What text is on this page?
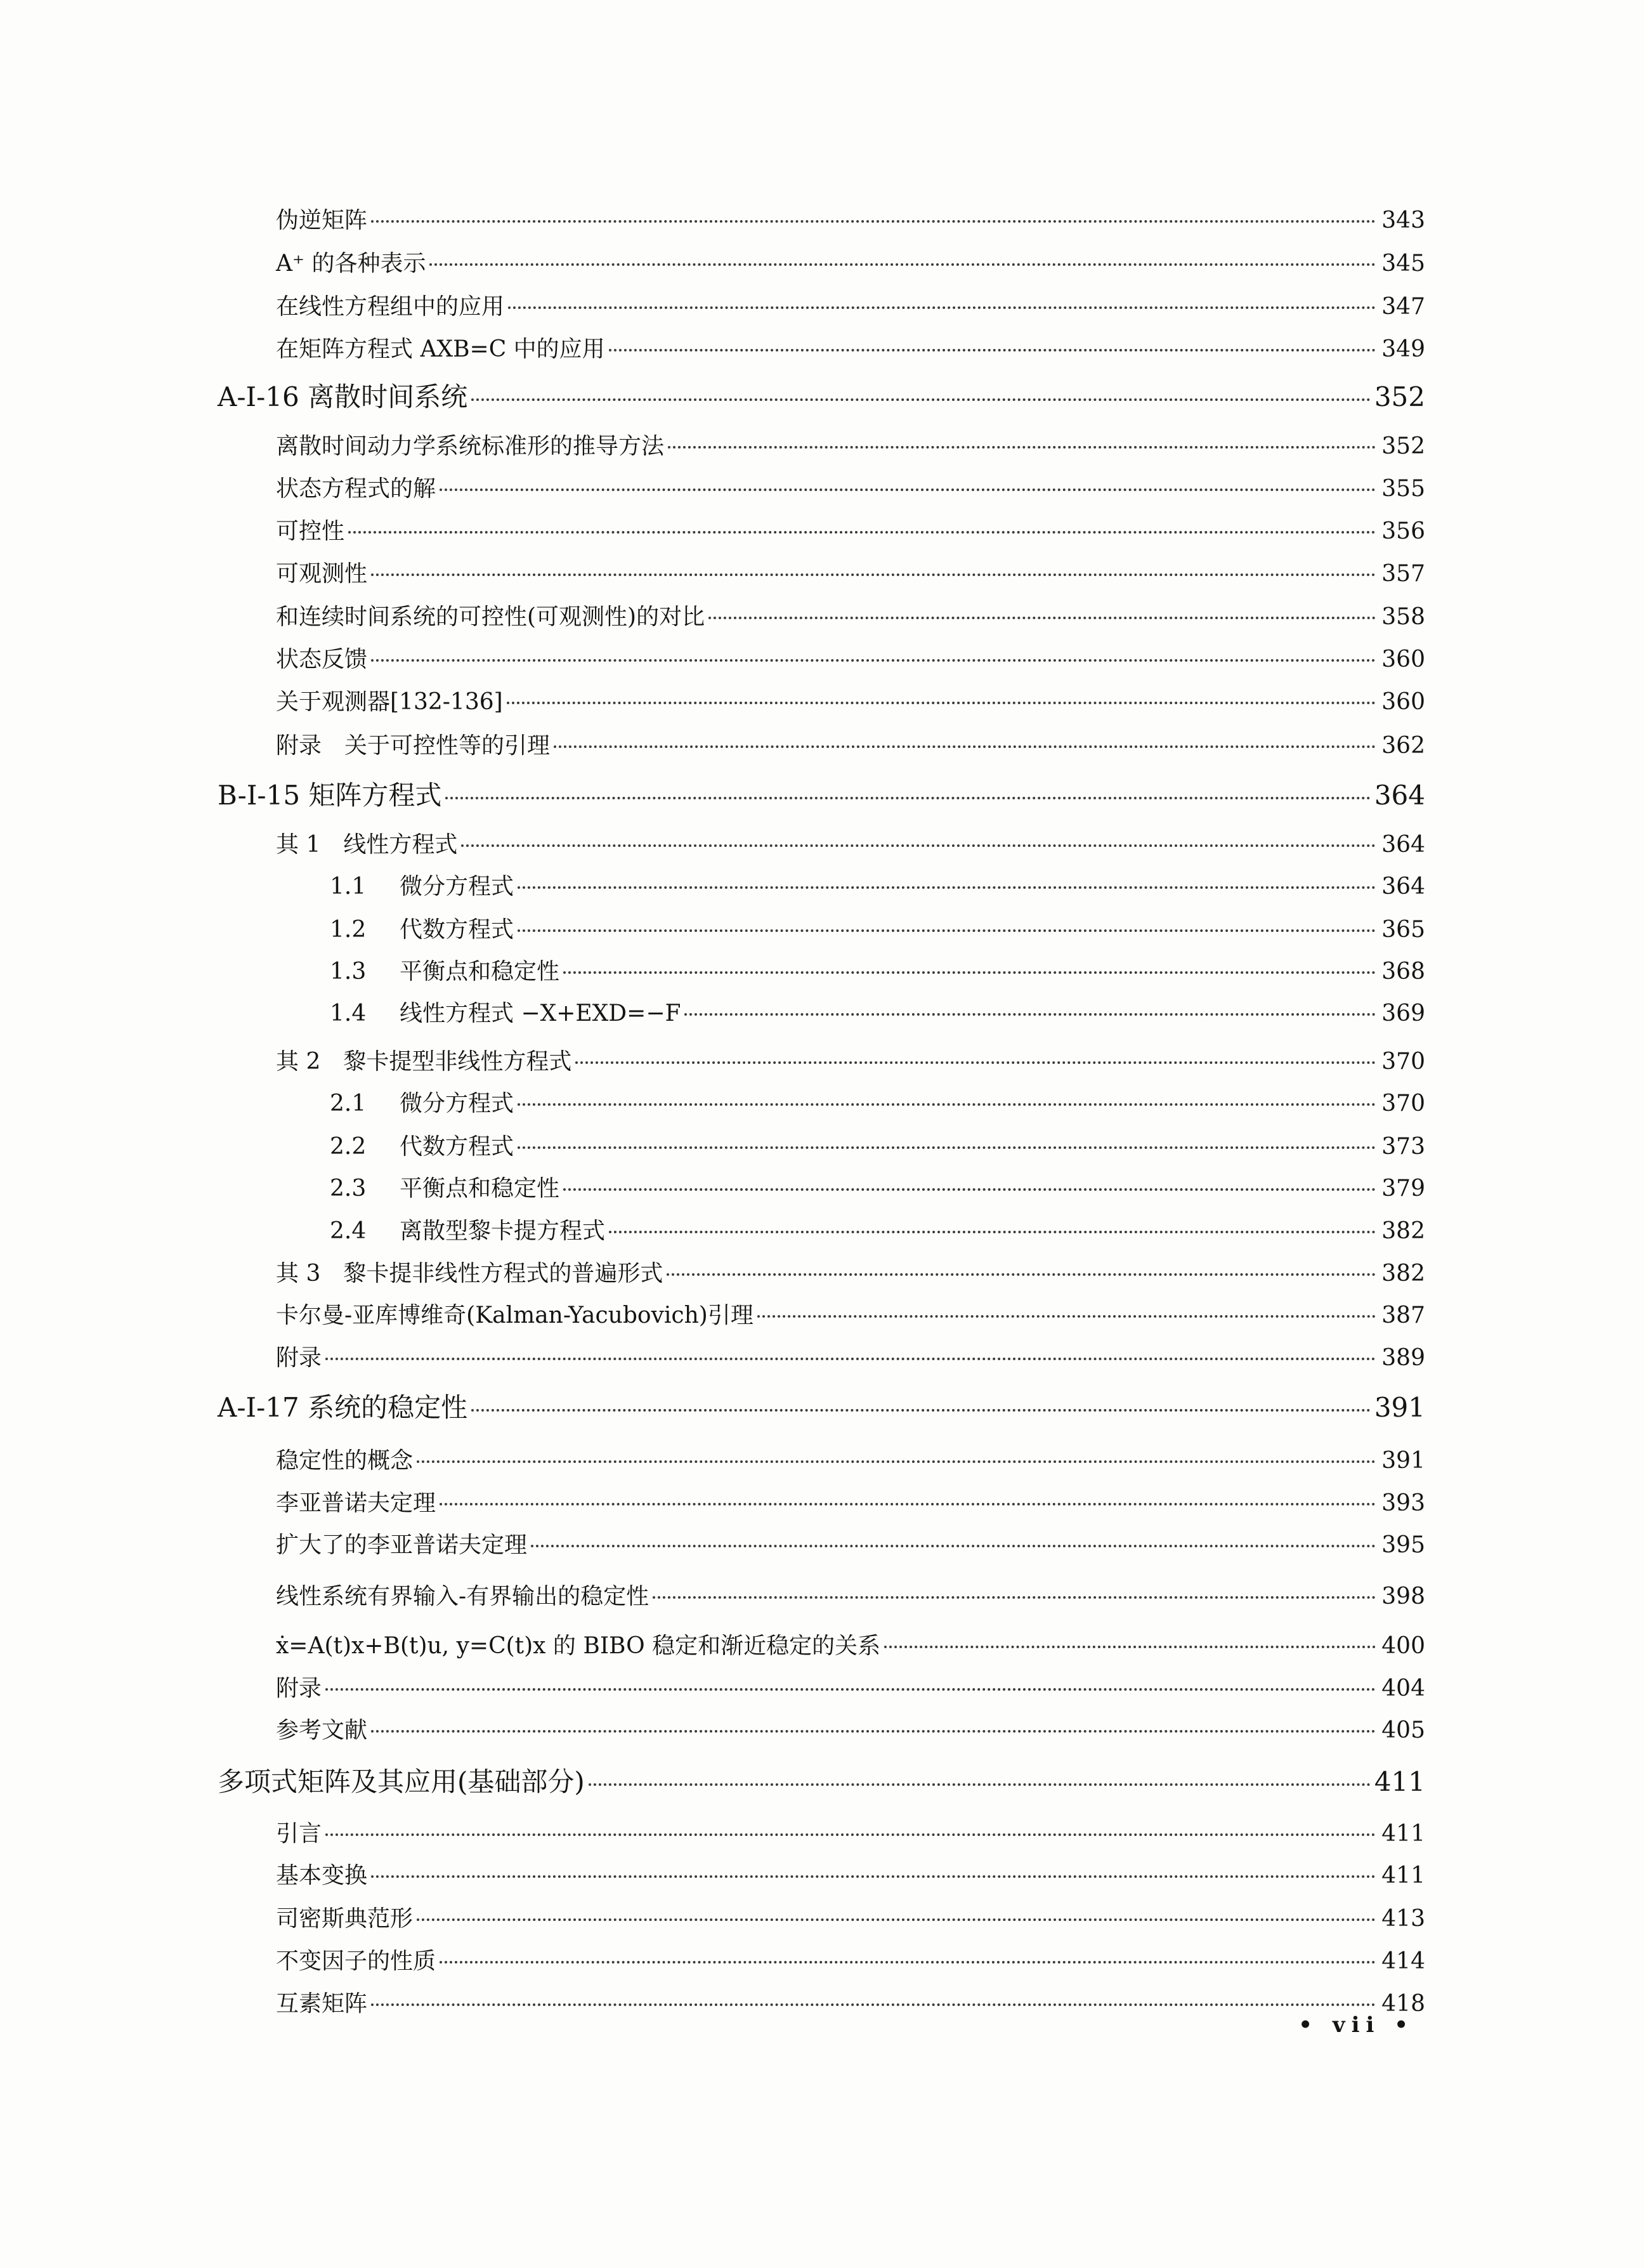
伪逆矩阵	343
A⁺ 的各种表示	345
在线性方程组中的应用	347
在矩阵方程式 AXB=C 中的应用	349
A-I-16 离散时间系统	352
离散时间动力学系统标准形的推导方法	352
状态方程式的解	355
可控性	356
可观测性	357
和连续时间系统的可控性(可观测性)的对比	358
状态反馈	360
关于观测器[132-136]	360
附录　关于可控性等的引理	362
B-I-15 矩阵方程式	364
其 1　线性方程式	364
1.1 微分方程式	364
1.2 代数方程式	365
1.3 平衡点和稳定性	368
1.4 线性方程式 −X+EXD=−F	369
其 2　黎卡提型非线性方程式	370
2.1 微分方程式	370
2.2 代数方程式	373
2.3 平衡点和稳定性	379
2.4 离散型黎卡提方程式	382
其 3　黎卡提非线性方程式的普遍形式	382
卡尔曼-亚库博维奇(Kalman-Yacubovich)引理	387
附录	389
A-I-17 系统的稳定性	391
稳定性的概念	391
李亚普诺夫定理	393
扩大了的李亚普诺夫定理	395
线性系统有界输入-有界输出的稳定性	398
ẋ=A(t)x+B(t)u, y=C(t)x 的 BIBO 稳定和渐近稳定的关系	400
附录	404
参考文献	405
多项式矩阵及其应用(基础部分)	411
引言	411
基本变换	411
司密斯典范形	413
不变因子的性质	414
互素矩阵	418
• vii •
